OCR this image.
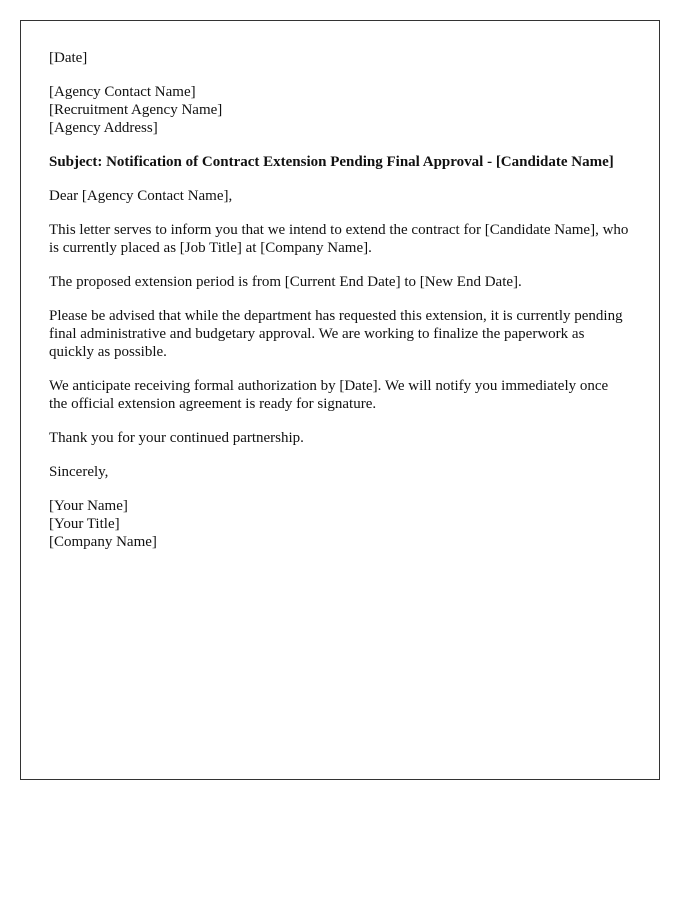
[Date]

[Agency Contact Name]
[Recruitment Agency Name]
[Agency Address]

Subject: Notification of Contract Extension Pending Final Approval - [Candidate Name]

Dear [Agency Contact Name],

This letter serves to inform you that we intend to extend the contract for [Candidate Name], who is currently placed as [Job Title] at [Company Name].

The proposed extension period is from [Current End Date] to [New End Date].

Please be advised that while the department has requested this extension, it is currently pending final administrative and budgetary approval. We are working to finalize the paperwork as quickly as possible.

We anticipate receiving formal authorization by [Date]. We will notify you immediately once the official extension agreement is ready for signature.

Thank you for your continued partnership.

Sincerely,

[Your Name]
[Your Title]
[Company Name]
